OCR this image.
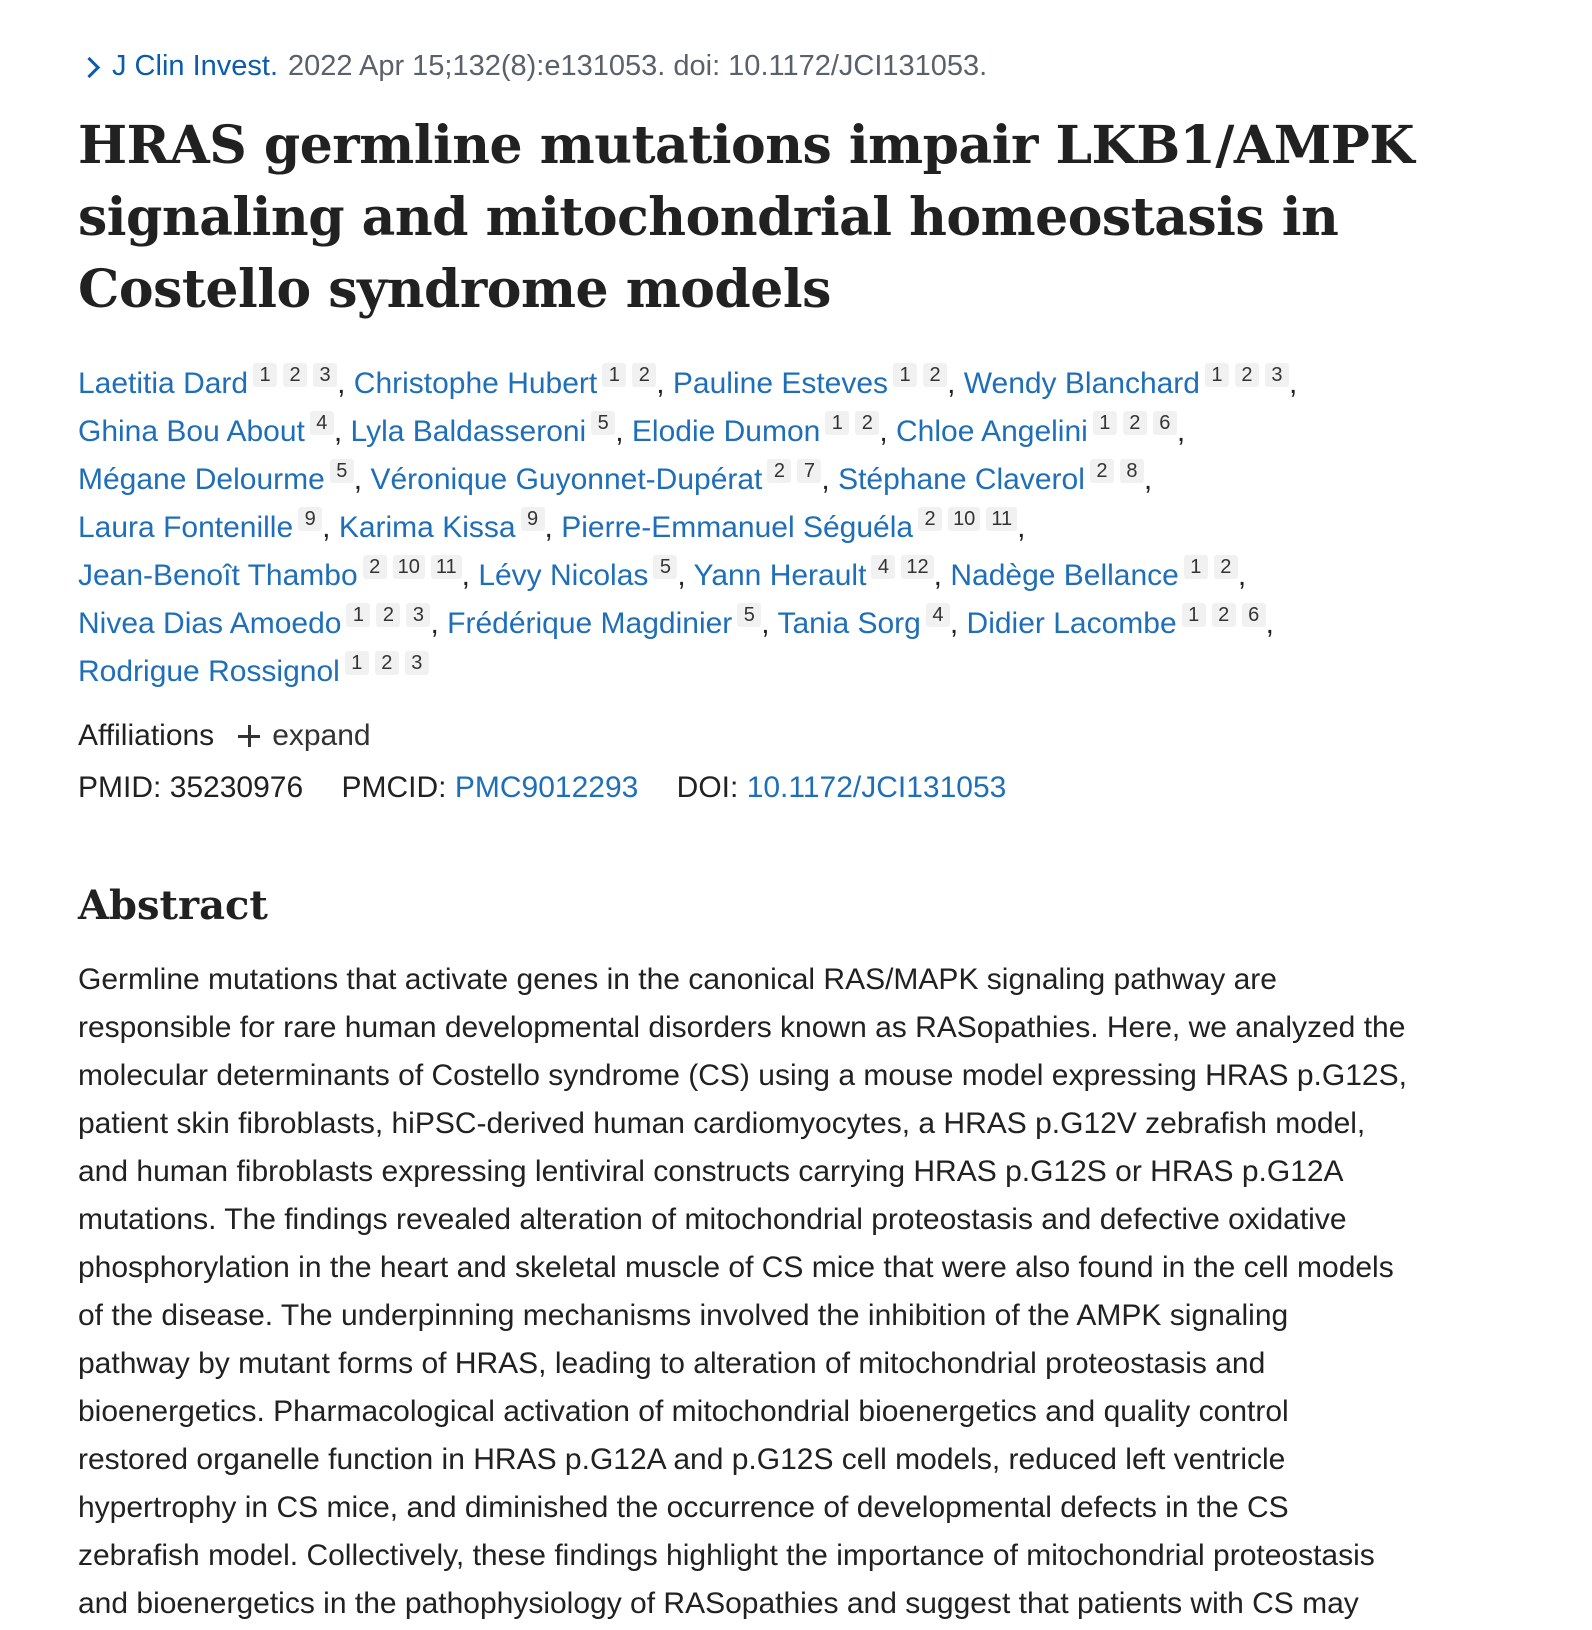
J Clin Invest. 2022 Apr 15;132(8):e131053. doi: 10.1172/JCI131053.
HRAS germline mutations impair LKB1/AMPK signaling and mitochondrial homeostasis in Costello syndrome models
Laetitia Dard 1 2 3 , Christophe Hubert 1 2 , Pauline Esteves 1 2 , Wendy Blanchard 1 2 3 ,
Ghina Bou About 4 , Lyla Baldasseroni 5 , Elodie Dumon 1 2 , Chloe Angelini 1 2 6 ,
Mégane Delourme 5 , Véronique Guyonnet-Dupérat 2 7 , Stéphane Claverol 2 8 ,
Laura Fontenille 9 , Karima Kissa 9 , Pierre-Emmanuel Séguéla 2 10 11 ,
Jean-Benoît Thambo 2 10 11 , Lévy Nicolas 5 , Yann Herault 4 12 , Nadège Bellance 1 2 ,
Nivea Dias Amoedo 1 2 3 , Frédérique Magdinier 5 , Tania Sorg 4 , Didier Lacombe 1 2 6 ,
Rodrigue Rossignol 1 2 3
Affiliations expand
PMID: 35230976 PMCID: PMC9012293 DOI: 10.1172/JCI131053
Abstract
Germline mutations that activate genes in the canonical RAS/MAPK signaling pathway are
responsible for rare human developmental disorders known as RASopathies. Here, we analyzed the
molecular determinants of Costello syndrome (CS) using a mouse model expressing HRAS p.G12S,
patient skin fibroblasts, hiPSC-derived human cardiomyocytes, a HRAS p.G12V zebrafish model,
and human fibroblasts expressing lentiviral constructs carrying HRAS p.G12S or HRAS p.G12A
mutations. The findings revealed alteration of mitochondrial proteostasis and defective oxidative
phosphorylation in the heart and skeletal muscle of CS mice that were also found in the cell models
of the disease. The underpinning mechanisms involved the inhibition of the AMPK signaling
pathway by mutant forms of HRAS, leading to alteration of mitochondrial proteostasis and
bioenergetics. Pharmacological activation of mitochondrial bioenergetics and quality control
restored organelle function in HRAS p.G12A and p.G12S cell models, reduced left ventricle
hypertrophy in CS mice, and diminished the occurrence of developmental defects in the CS
zebrafish model. Collectively, these findings highlight the importance of mitochondrial proteostasis
and bioenergetics in the pathophysiology of RASopathies and suggest that patients with CS may
